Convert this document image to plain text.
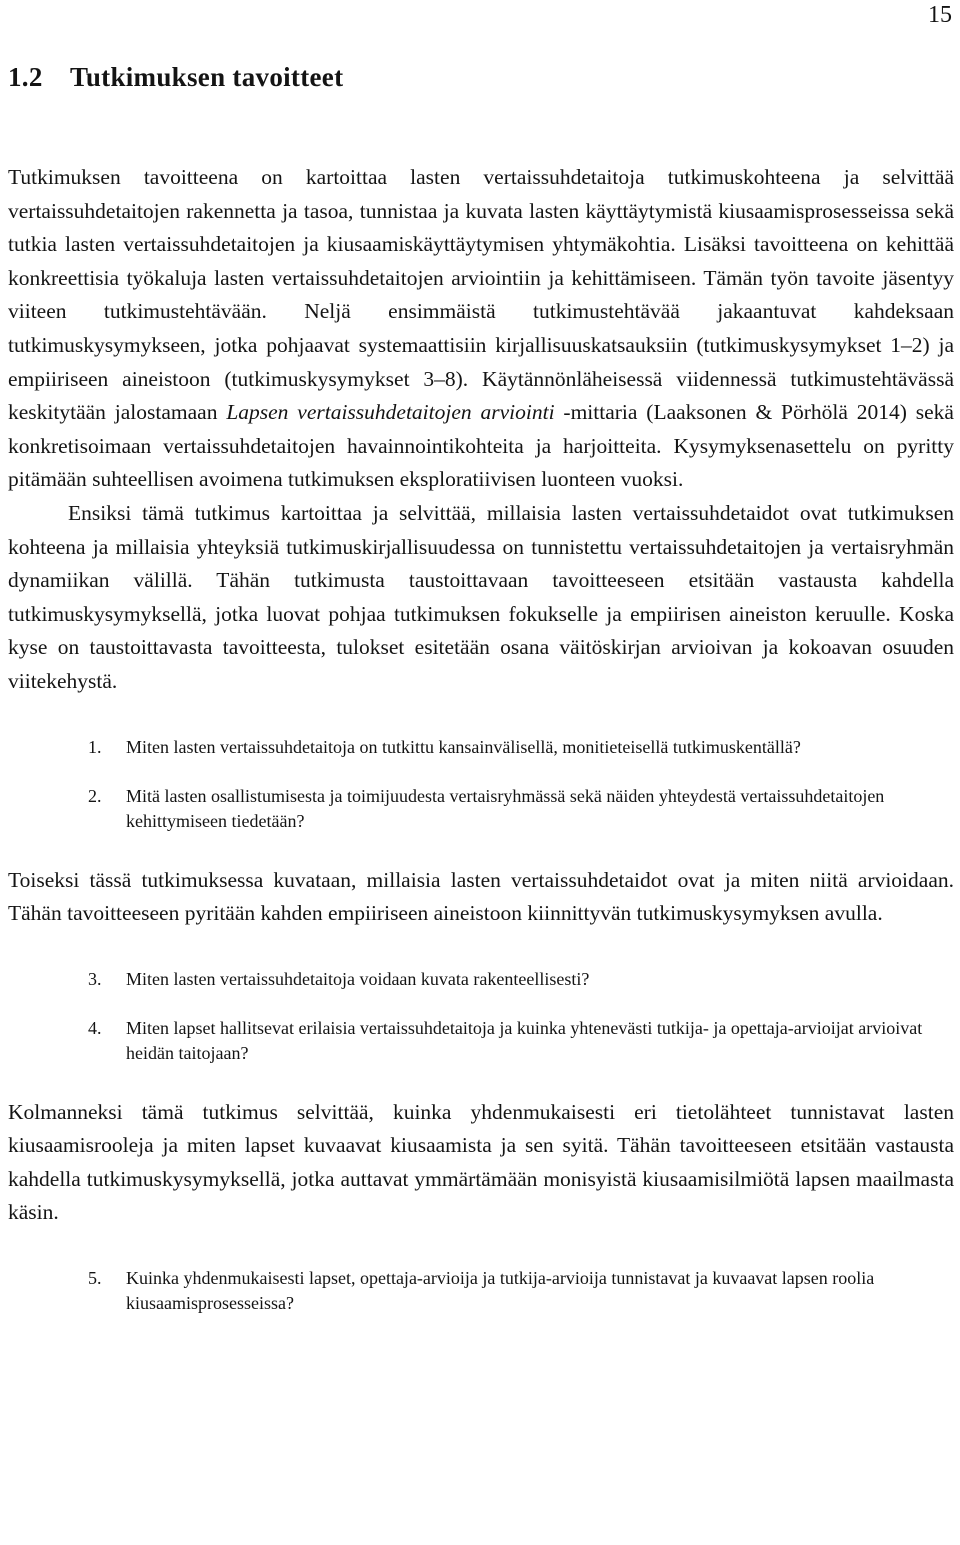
15
1.2 Tutkimuksen tavoitteet

Tutkimuksen tavoitteena on kartoittaa lasten vertaissuhdetaitoja tutkimuskohteena ja selvittää vertaissuhdetaitojen rakennetta ja tasoa, tunnistaa ja kuvata lasten käyttäytymistä kiusaamisprosesseissa sekä tutkia lasten vertaissuhdetaitojen ja kiusaamiskäyttäytymisen yhtymäkohtia. Lisäksi tavoitteena on kehittää konkreettisia työkaluja lasten vertaissuhdetaitojen arviointiin ja kehittämiseen. Tämän työn tavoite jäsentyy viiteen tutkimustehtävään. Neljä ensimmäistä tutkimustehtävää jakaantuvat kahdeksaan tutkimuskysymykseen, jotka pohjaavat systemaattisiin kirjallisuuskatsauksiin (tutkimuskysymykset 1–2) ja empiiriseen aineistoon (tutkimuskysymykset 3–8). Käytännönläheisessä viidennessä tutkimustehtävässä keskitytään jalostamaan Lapsen vertaissuhdetaitojen arviointi -mittaria (Laaksonen & Pörhölä 2014) sekä konkretisoimaan vertaissuhdetaitojen havainnointikohteita ja harjoitteita. Kysymyksenasettelu on pyritty pitämään suhteellisen avoimena tutkimuksen eksploratiivisen luonteen vuoksi.

Ensiksi tämä tutkimus kartoittaa ja selvittää, millaisia lasten vertaissuhdetaidot ovat tutkimuksen kohteena ja millaisia yhteyksiä tutkimuskirjallisuudessa on tunnistettu vertaissuhdetaitojen ja vertaisryhmän dynamiikan välillä. Tähän tutkimusta taustoittavaan tavoitteeseen etsitään vastausta kahdella tutkimuskysymyksellä, jotka luovat pohjaa tutkimuksen fokukselle ja empiirisen aineiston keruulle. Koska kyse on taustoittavasta tavoitteesta, tulokset esitetään osana väitöskirjan arvioivan ja kokoavan osuuden viitekehystä.

1.	Miten lasten vertaissuhdetaitoja on tutkittu kansainvälisellä, monitieteisellä tutkimuskentällä?
2.	Mitä lasten osallistumisesta ja toimijuudesta vertaisryhmässä sekä näiden yhteydestä vertaissuhdetaitojen kehittymiseen tiedetään?

Toiseksi tässä tutkimuksessa kuvataan, millaisia lasten vertaissuhdetaidot ovat ja miten niitä arvioidaan. Tähän tavoitteeseen pyritään kahden empiiriseen aineistoon kiinnittyvän tutkimuskysymyksen avulla.

3.	Miten lasten vertaissuhdetaitoja voidaan kuvata rakenteellisesti?
4.	Miten lapset hallitsevat erilaisia vertaissuhdetaitoja ja kuinka yhtenevästi tutkija- ja opettaja-arvioijat arvioivat heidän taitojaan?

Kolmanneksi tämä tutkimus selvittää, kuinka yhdenmukaisesti eri tietolähteet tunnistavat lasten kiusaamisrooleja ja miten lapset kuvaavat kiusaamista ja sen syitä. Tähän tavoitteeseen etsitään vastausta kahdella tutkimuskysymyksellä, jotka auttavat ymmärtämään monisyistä kiusaamisilmiötä lapsen maailmasta käsin.

5.	Kuinka yhdenmukaisesti lapset, opettaja-arvioija ja tutkija-arvioija tunnistavat ja kuvaavat lapsen roolia kiusaamisprosesseissa?
